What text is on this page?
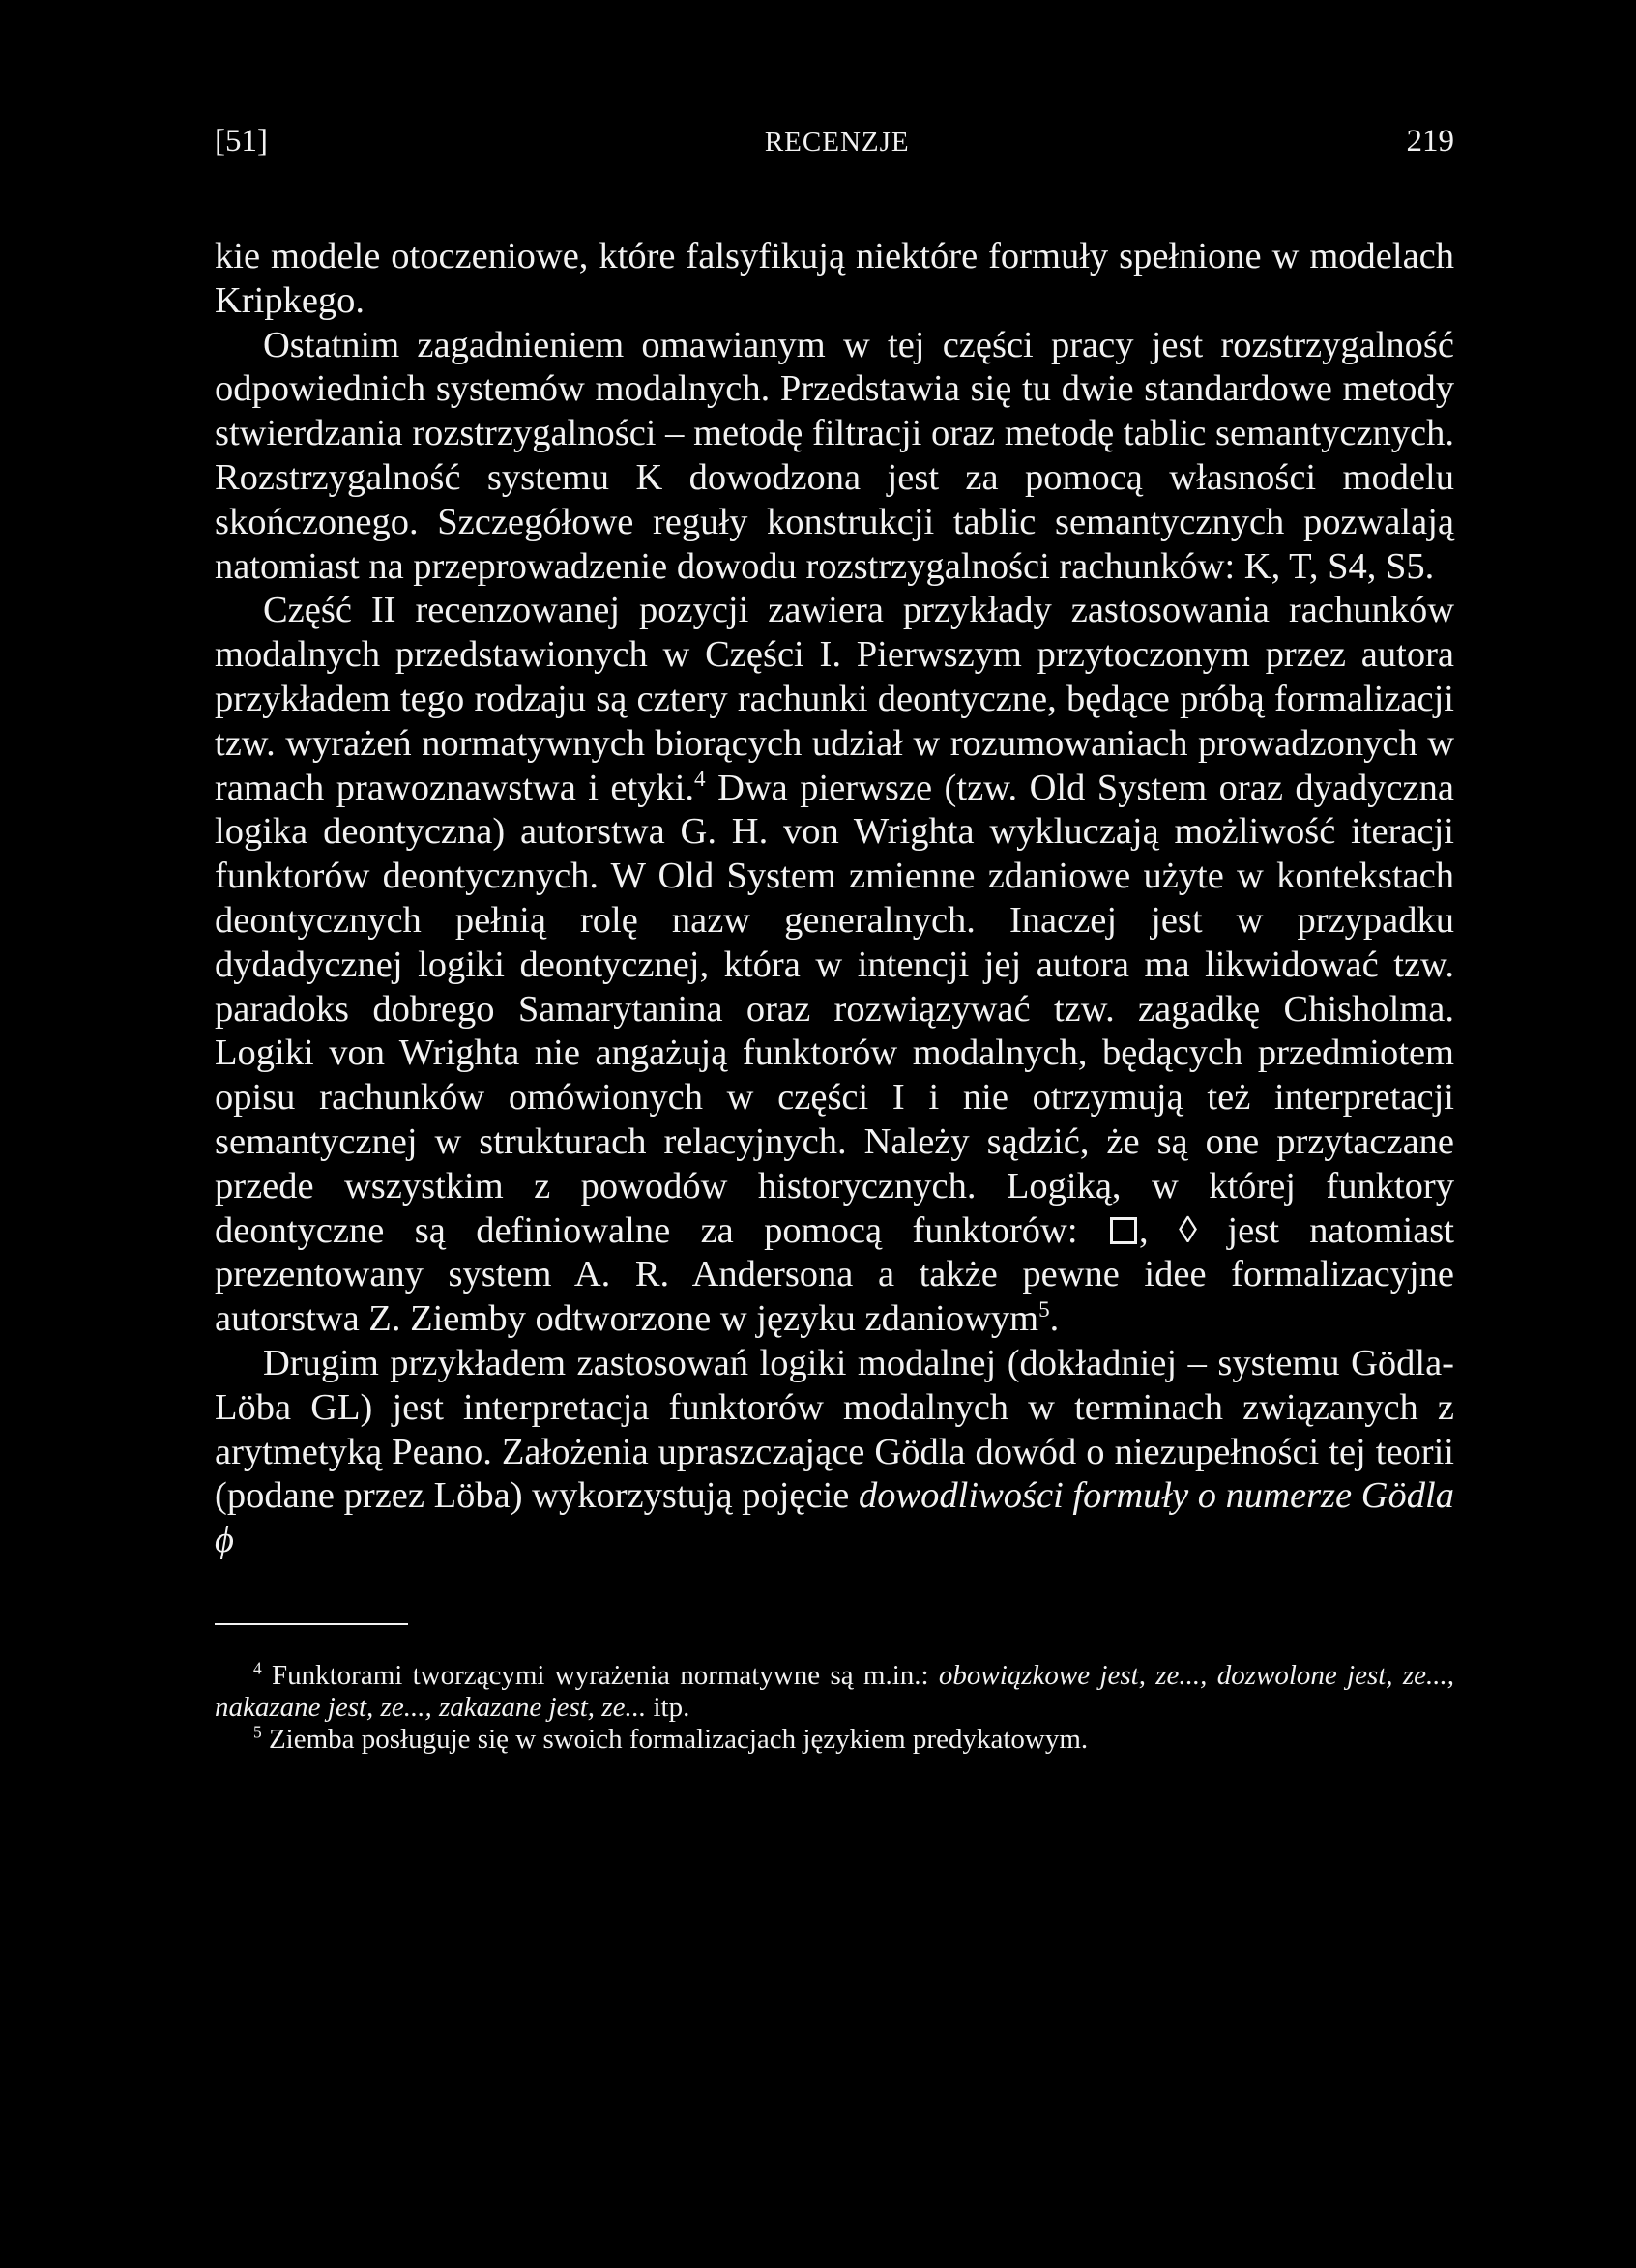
[51]	RECENZJE	219

kie modele otoczeniowe, które falsyfikują niektóre formuły spełnione w modelach Kripkego.

Ostatnim zagadnieniem omawianym w tej części pracy jest rozstrzygalność odpowiednich systemów modalnych. Przedstawia się tu dwie standardowe metody stwierdzania rozstrzygalności – metodę filtracji oraz metodę tablic semantycznych. Rozstrzygalność systemu K dowodzona jest za pomocą własności modelu skończonego. Szczegółowe reguły konstrukcji tablic semantycznych pozwalają natomiast na przeprowadzenie dowodu rozstrzygalności rachunków: K, T, S4, S5.

Część II recenzowanej pozycji zawiera przykłady zastosowania rachunków modalnych przedstawionych w Części I. Pierwszym przytoczonym przez autora przykładem tego rodzaju są cztery rachunki deontyczne, będące próbą formalizacji tzw. wyrażeń normatywnych biorących udział w rozumowaniach prowadzonych w ramach prawoznawstwa i etyki.$^4$ Dwa pierwsze (tzw. Old System oraz dyadyczna logika deontyczna) autorstwa G. H. von Wrighta wykluczają możliwość iteracji funktorów deontycznych. W Old System zmienne zdaniowe użyte w kontekstach deontycznych pełnią rolę nazw generalnych. Inaczej jest w przypadku dydadycznej logiki deontycznej, która w intencji jej autora ma likwidować tzw. paradoks dobrego Samarytanina oraz rozwiązywać tzw. zagadkę Chisholma. Logiki von Wrighta nie angażują funktorów modalnych, będących przedmiotem opisu rachunków omówionych w części I i nie otrzymują też interpretacji semantycznej w strukturach relacyjnych. Należy sądzić, że są one przytaczane przede wszystkim z powodów historycznych. Logiką, w której funktory deontyczne są definiowalne za pomocą funktorów: , ◊ jest natomiast prezentowany system A. R. Andersona a także pewne idee formalizacyjne autorstwa Z. Ziemby odtworzone w języku zdaniowym$^5$.

Drugim przykładem zastosowań logiki modalnej (dokładniej – systemu Gödla-Löba GL) jest interpretacja funktorów modalnych w terminach związanych z arytmetyką Peano. Założenia upraszczające Gödla dowód o niezupełności tej teorii (podane przez Löba) wykorzystują pojęcie dowodliwości formuły o numerze Gödla ϕ

$^4$ Funktorami tworzącymi wyrażenia normatywne są m.in.: obowiązkowe jest, ze..., dozwolone jest, ze..., nakazane jest, ze..., zakazane jest, ze... itp.

$^5$ Ziemba posługuje się w swoich formalizacjach językiem predykatowym.
